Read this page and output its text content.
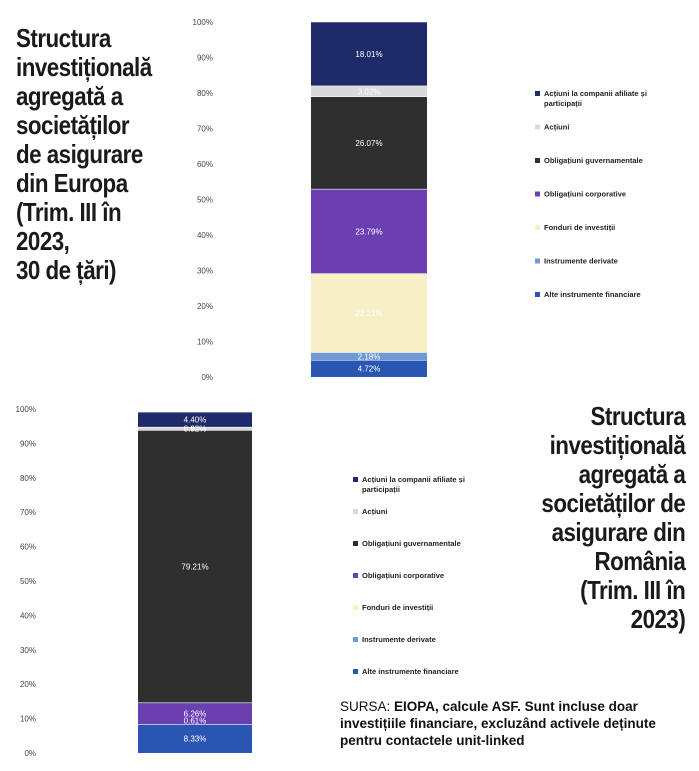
Structura
investițională
agregată a
societăților
de asigurare
din Europa
(Trim. III în
2023,
30 de țări)
Structura
investițională
agregată a
societăților de
asigurare din
România
(Trim. III în
2023)
0%
10%
20%
30%
40%
50%
60%
70%
80%
90%
100%
4.72%
2.18%
22.21%
23.79%
26.07%
3.02%
18.01%
Acțiuni la companii afiliate și participații
Acțiuni
Obligațiuni guvernamentale
Obligațiuni corporative
Fonduri de investiții
Instrumente derivate
Alte instrumente financiare
0%
10%
20%
30%
40%
50%
60%
70%
80%
90%
100%
8.33%
6.26%
79.21%
0.92%
4.40%
0.61%
Acțiuni la companii afiliate și participații
Acțiuni
Obligațiuni guvernamentale
Obligațiuni corporative
Fonduri de investiții
Instrumente derivate
Alte instrumente financiare
SURSA: EIOPA, calcule ASF. Sunt incluse doar investițiile financiare, excluzând activele deținute pentru contactele unit-linked
